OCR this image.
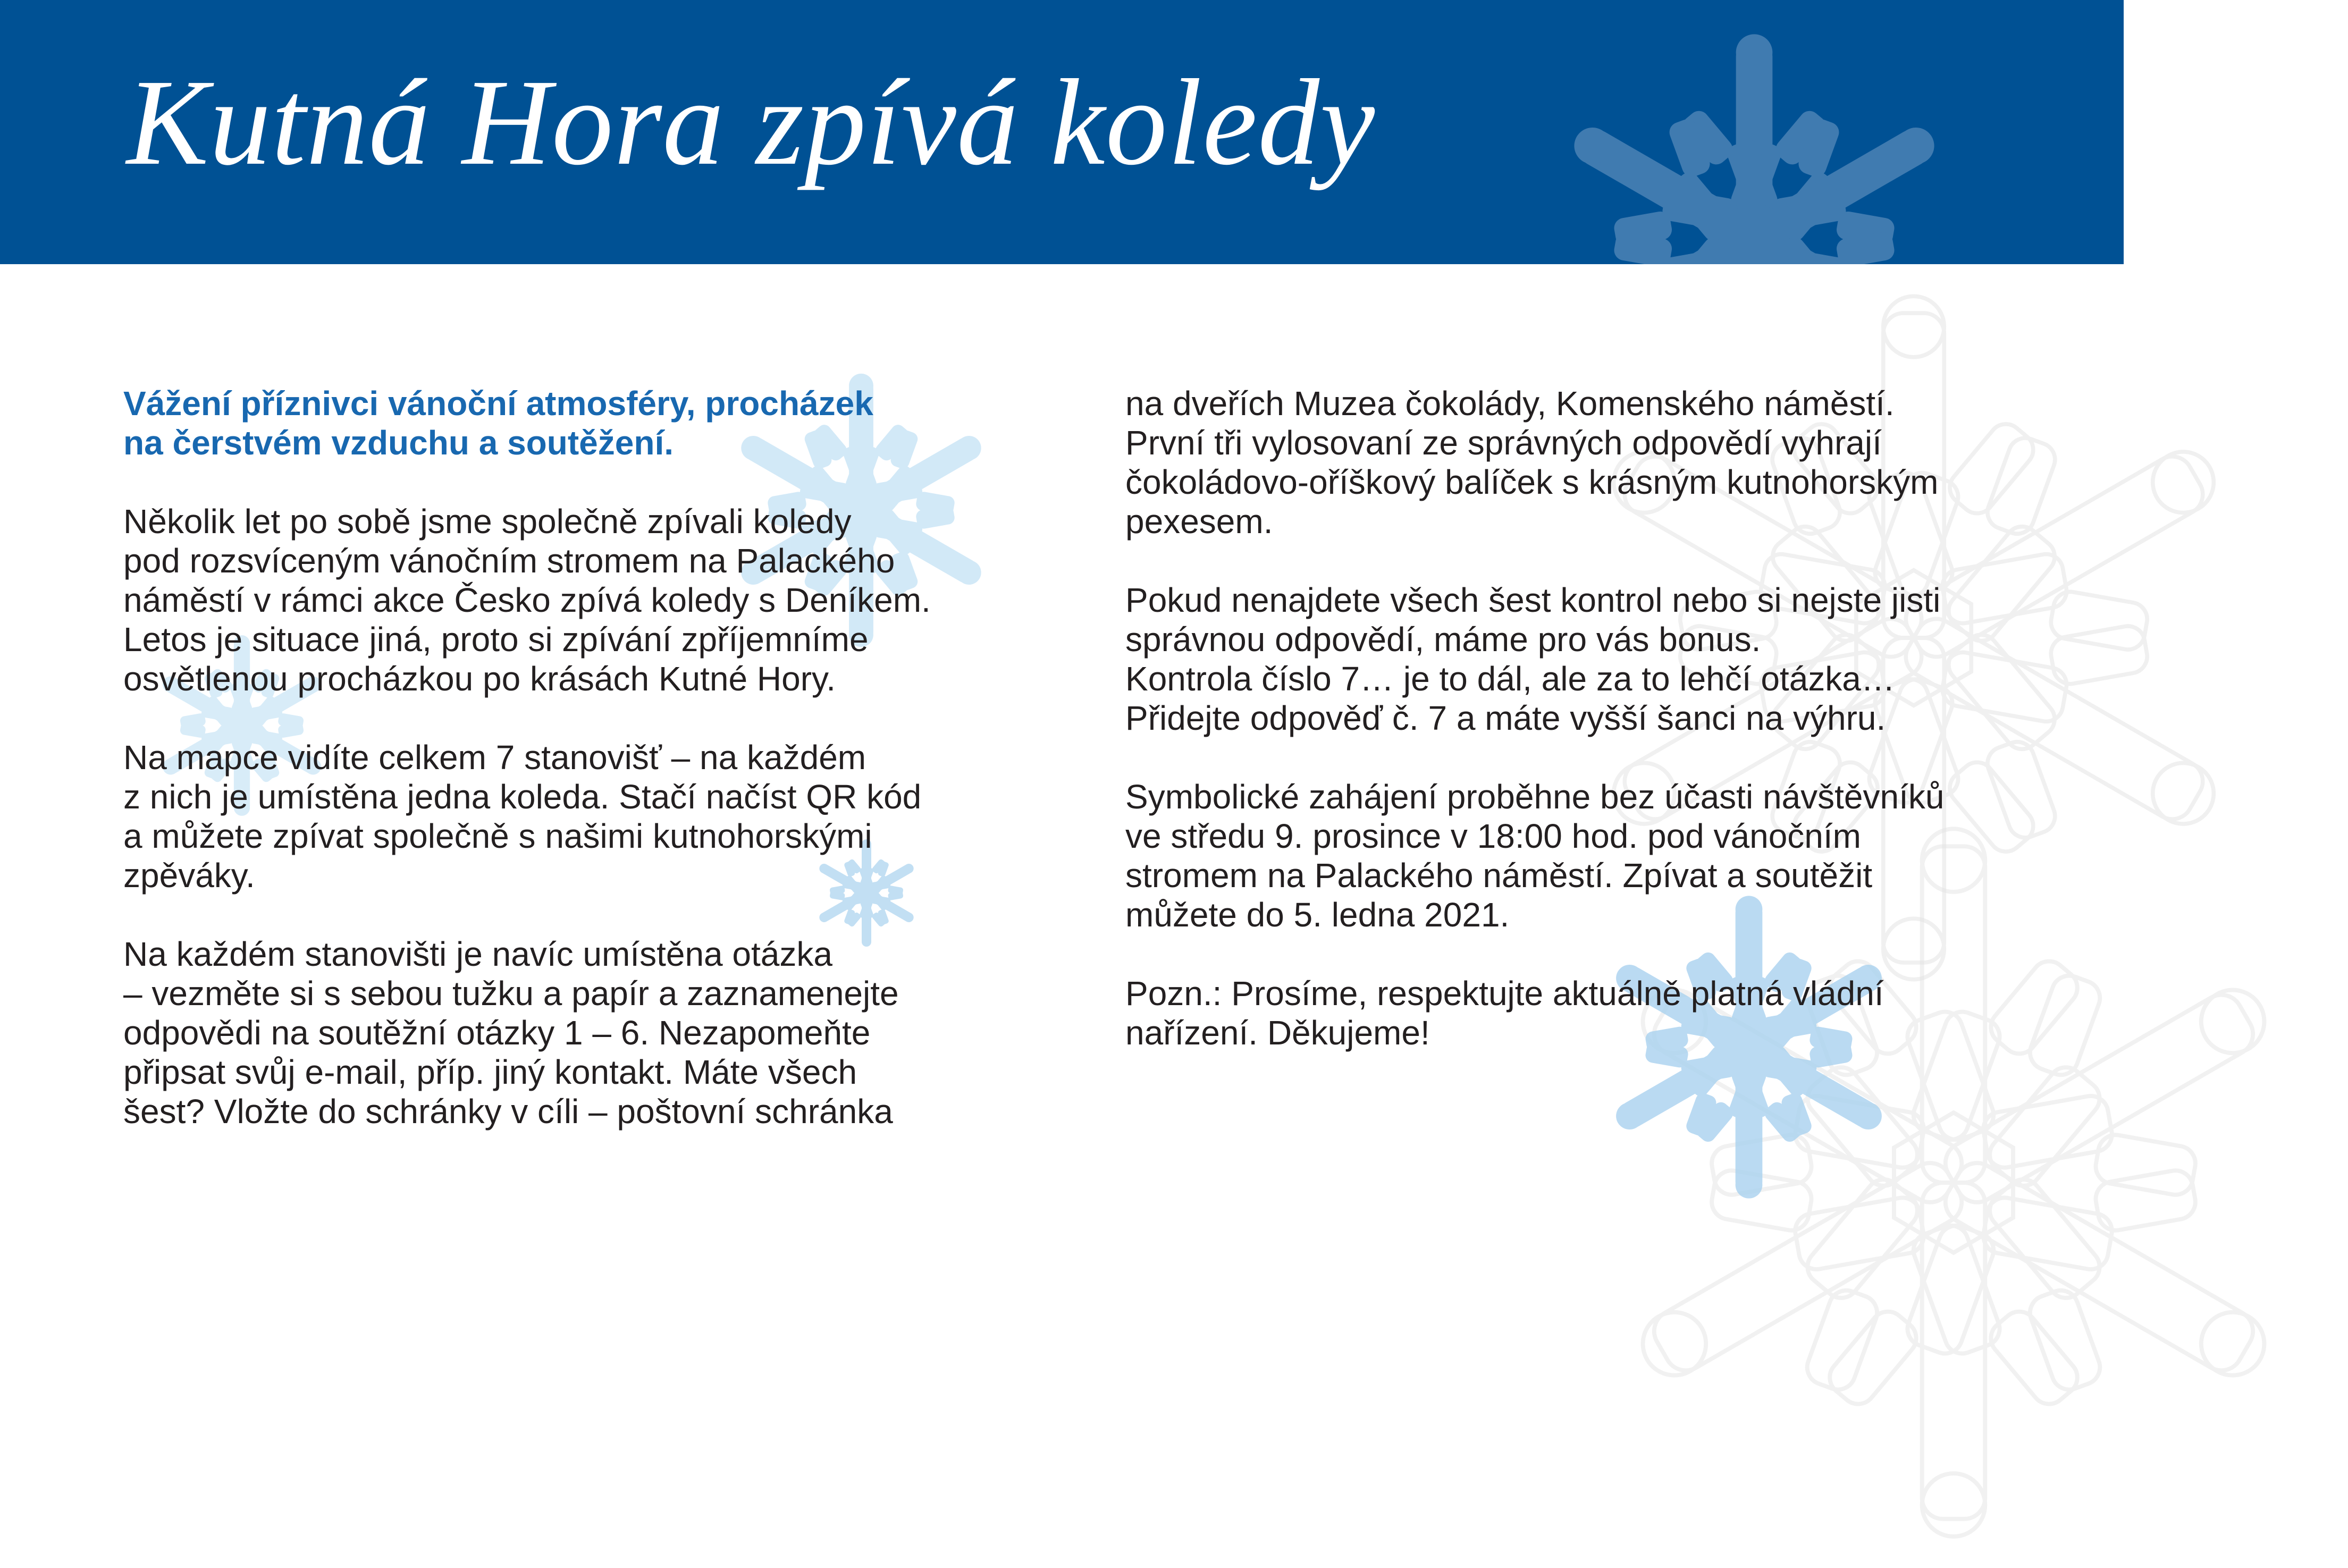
Kutná Hora zpívá koledy

Vážení příznivci vánoční atmosféry, procházek
na čerstvém vzduchu a soutěžení.

Několik let po sobě jsme společně zpívali koledy
pod rozsvíceným vánočním stromem na Palackého
náměstí v rámci akce Česko zpívá koledy s Deníkem.
Letos je situace jiná, proto si zpívání zpříjemníme
osvětlenou procházkou po krásách Kutné Hory.

Na mapce vidíte celkem 7 stanovišť – na každém
z nich je umístěna jedna koleda. Stačí načíst QR kód
a můžete zpívat společně s našimi kutnohorskými
zpěváky.

Na každém stanovišti je navíc umístěna otázka
– vezměte si s sebou tužku a papír a zaznamenejte
odpovědi na soutěžní otázky 1 – 6. Nezapomeňte
připsat svůj e-mail, příp. jiný kontakt. Máte všech
šest? Vložte do schránky v cíli – poštovní schránka

na dveřích Muzea čokolády, Komenského náměstí.
První tři vylosovaní ze správných odpovědí vyhrají
čokoládovo-oříškový balíček s krásným kutnohorským
pexesem.

Pokud nenajdete všech šest kontrol nebo si nejste jisti
správnou odpovědí, máme pro vás bonus.
Kontrola číslo 7… je to dál, ale za to lehčí otázka…
Přidejte odpověď č. 7 a máte vyšší šanci na výhru.

Symbolické zahájení proběhne bez účasti návštěvníků
ve středu 9. prosince v 18:00 hod. pod vánočním
stromem na Palackého náměstí. Zpívat a soutěžit
můžete do 5. ledna 2021.

Pozn.: Prosíme, respektujte aktuálně platná vládní
nařízení. Děkujeme!
